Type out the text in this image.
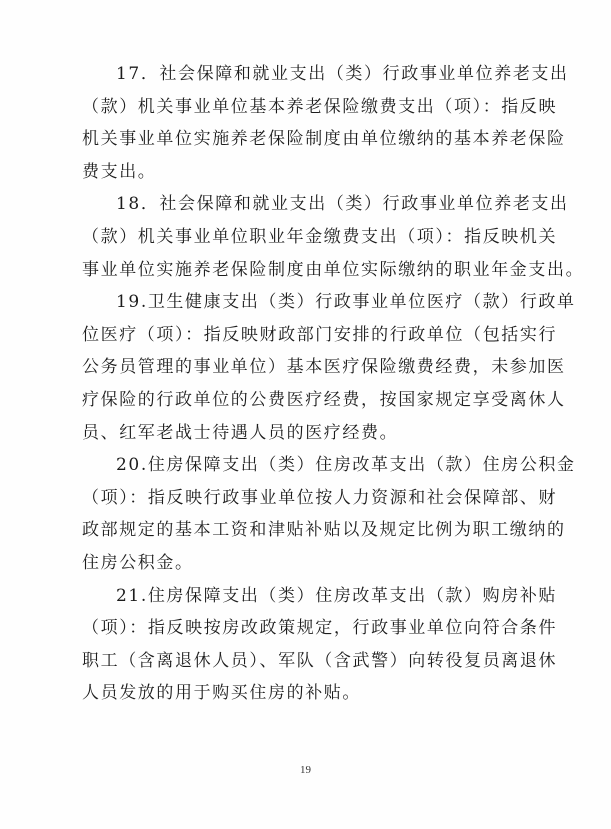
17．社会保障和就业支出（类）行政事业单位养老支出
（款）机关事业单位基本养老保险缴费支出（项）：指反映
机关事业单位实施养老保险制度由单位缴纳的基本养老保险
费支出。

18．社会保障和就业支出（类）行政事业单位养老支出
（款）机关事业单位职业年金缴费支出（项）：指反映机关
事业单位实施养老保险制度由单位实际缴纳的职业年金支出。

19.卫生健康支出（类）行政事业单位医疗（款）行政单
位医疗（项）：指反映财政部门安排的行政单位（包括实行
公务员管理的事业单位）基本医疗保险缴费经费，未参加医
疗保险的行政单位的公费医疗经费，按国家规定享受离休人
员、红军老战士待遇人员的医疗经费。

20.住房保障支出（类）住房改革支出（款）住房公积金
（项）：指反映行政事业单位按人力资源和社会保障部、财
政部规定的基本工资和津贴补贴以及规定比例为职工缴纳的
住房公积金。

21.住房保障支出（类）住房改革支出（款）购房补贴
（项）：指反映按房改政策规定，行政事业单位向符合条件
职工（含离退休人员）、军队（含武警）向转役复员离退休
人员发放的用于购买住房的补贴。

19
